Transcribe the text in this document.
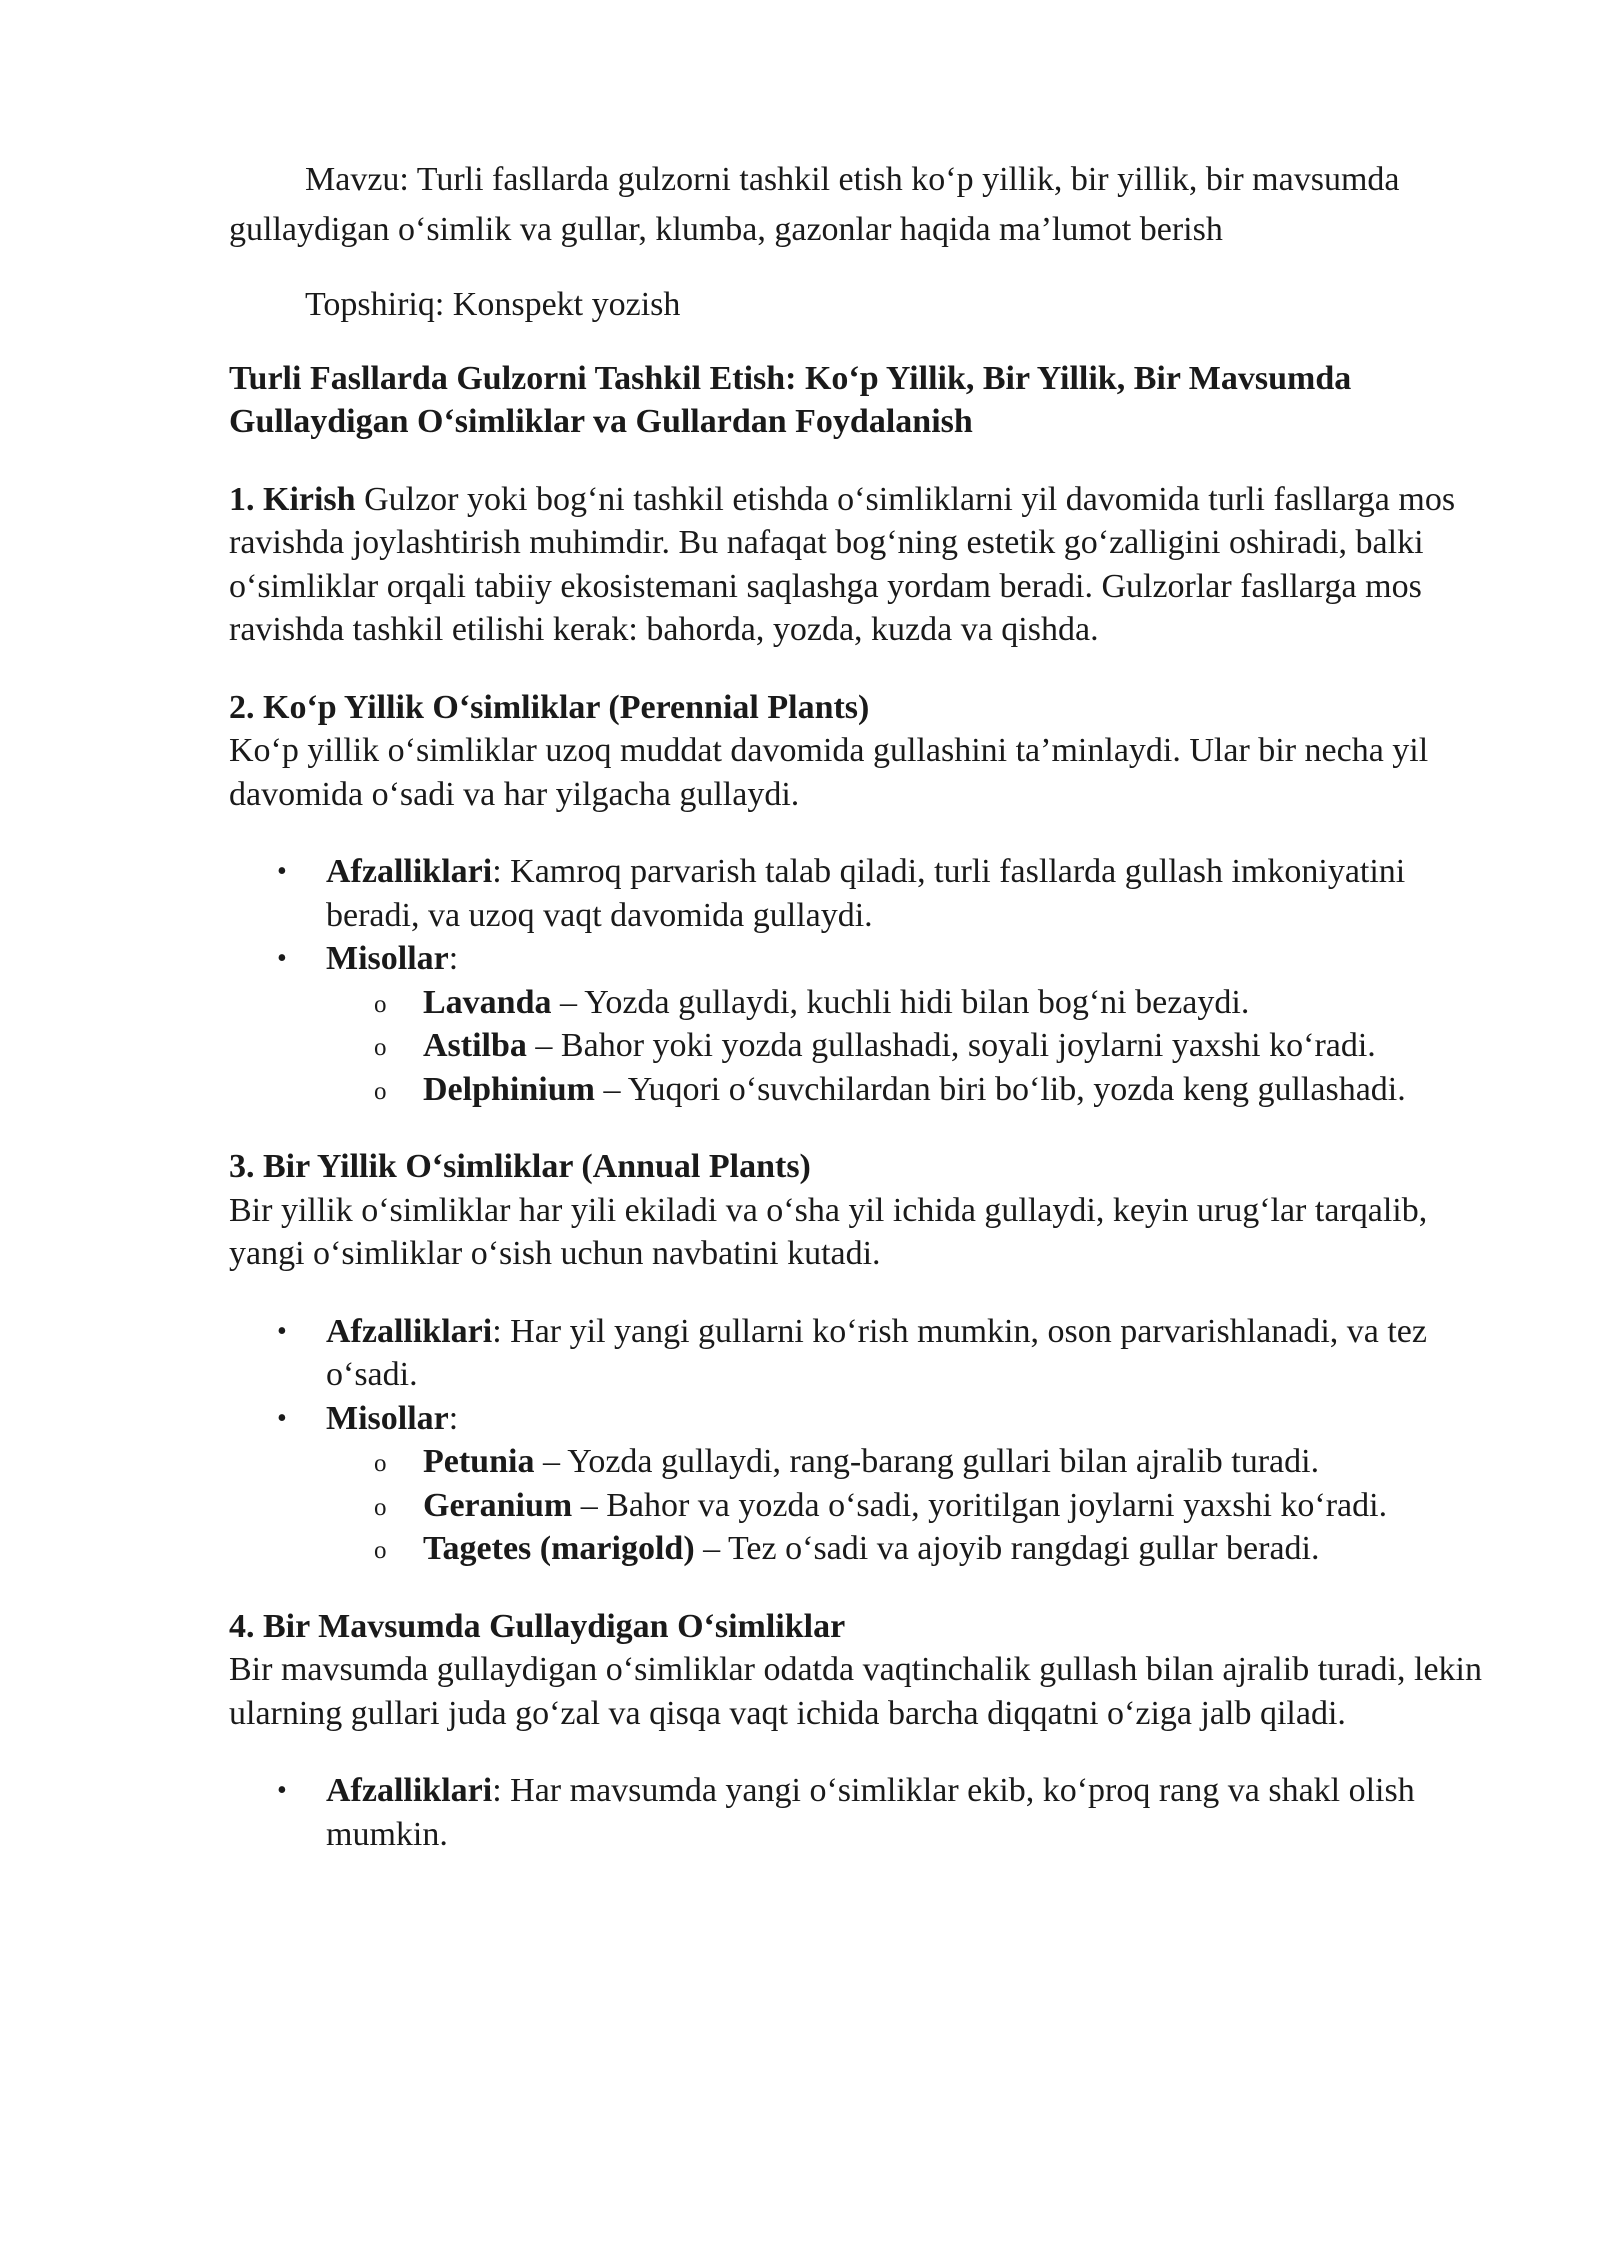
Mavzu: Turli fasllarda gulzorni tashkil etish ko‘p yillik, bir yillik, bir mavsumda gullaydigan o‘simlik va gullar, klumba, gazonlar haqida ma’lumot berish

Topshiriq: Konspekt yozish

Turli Fasllarda Gulzorni Tashkil Etish: Ko‘p Yillik, Bir Yillik, Bir Mavsumda Gullaydigan O‘simliklar va Gullardan Foydalanish

1. Kirish Gulzor yoki bog‘ni tashkil etishda o‘simliklarni yil davomida turli fasllarga mos ravishda joylashtirish muhimdir. Bu nafaqat bog‘ning estetik go‘zalligini oshiradi, balki o‘simliklar orqali tabiiy ekosistemani saqlashga yordam beradi. Gulzorlar fasllarga mos ravishda tashkil etilishi kerak: bahorda, yozda, kuzda va qishda.

2. Ko‘p Yillik O‘simliklar (Perennial Plants)

Ko‘p yillik o‘simliklar uzoq muddat davomida gullashini ta’minlaydi. Ular bir necha yil davomida o‘sadi va har yilgacha gullaydi.

• Afzalliklari: Kamroq parvarish talab qiladi, turli fasllarda gullash imkoniyatini beradi, va uzoq vaqt davomida gullaydi.
• Misollar:
o Lavanda – Yozda gullaydi, kuchli hidi bilan bog‘ni bezaydi.
o Astilba – Bahor yoki yozda gullashadi, soyali joylarni yaxshi ko‘radi.
o Delphinium – Yuqori o‘suvchilardan biri bo‘lib, yozda keng gullashadi.

3. Bir Yillik O‘simliklar (Annual Plants)

Bir yillik o‘simliklar har yili ekiladi va o‘sha yil ichida gullaydi, keyin urug‘lar tarqalib, yangi o‘simliklar o‘sish uchun navbatini kutadi.

• Afzalliklari: Har yil yangi gullarni ko‘rish mumkin, oson parvarishlanadi, va tez o‘sadi.
• Misollar:
o Petunia – Yozda gullaydi, rang-barang gullari bilan ajralib turadi.
o Geranium – Bahor va yozda o‘sadi, yoritilgan joylarni yaxshi ko‘radi.
o Tagetes (marigold) – Tez o‘sadi va ajoyib rangdagi gullar beradi.

4. Bir Mavsumda Gullaydigan O‘simliklar

Bir mavsumda gullaydigan o‘simliklar odatda vaqtinchalik gullash bilan ajralib turadi, lekin ularning gullari juda go‘zal va qisqa vaqt ichida barcha diqqatni o‘ziga jalb qiladi.

• Afzalliklari: Har mavsumda yangi o‘simliklar ekib, ko‘proq rang va shakl olish mumkin.
